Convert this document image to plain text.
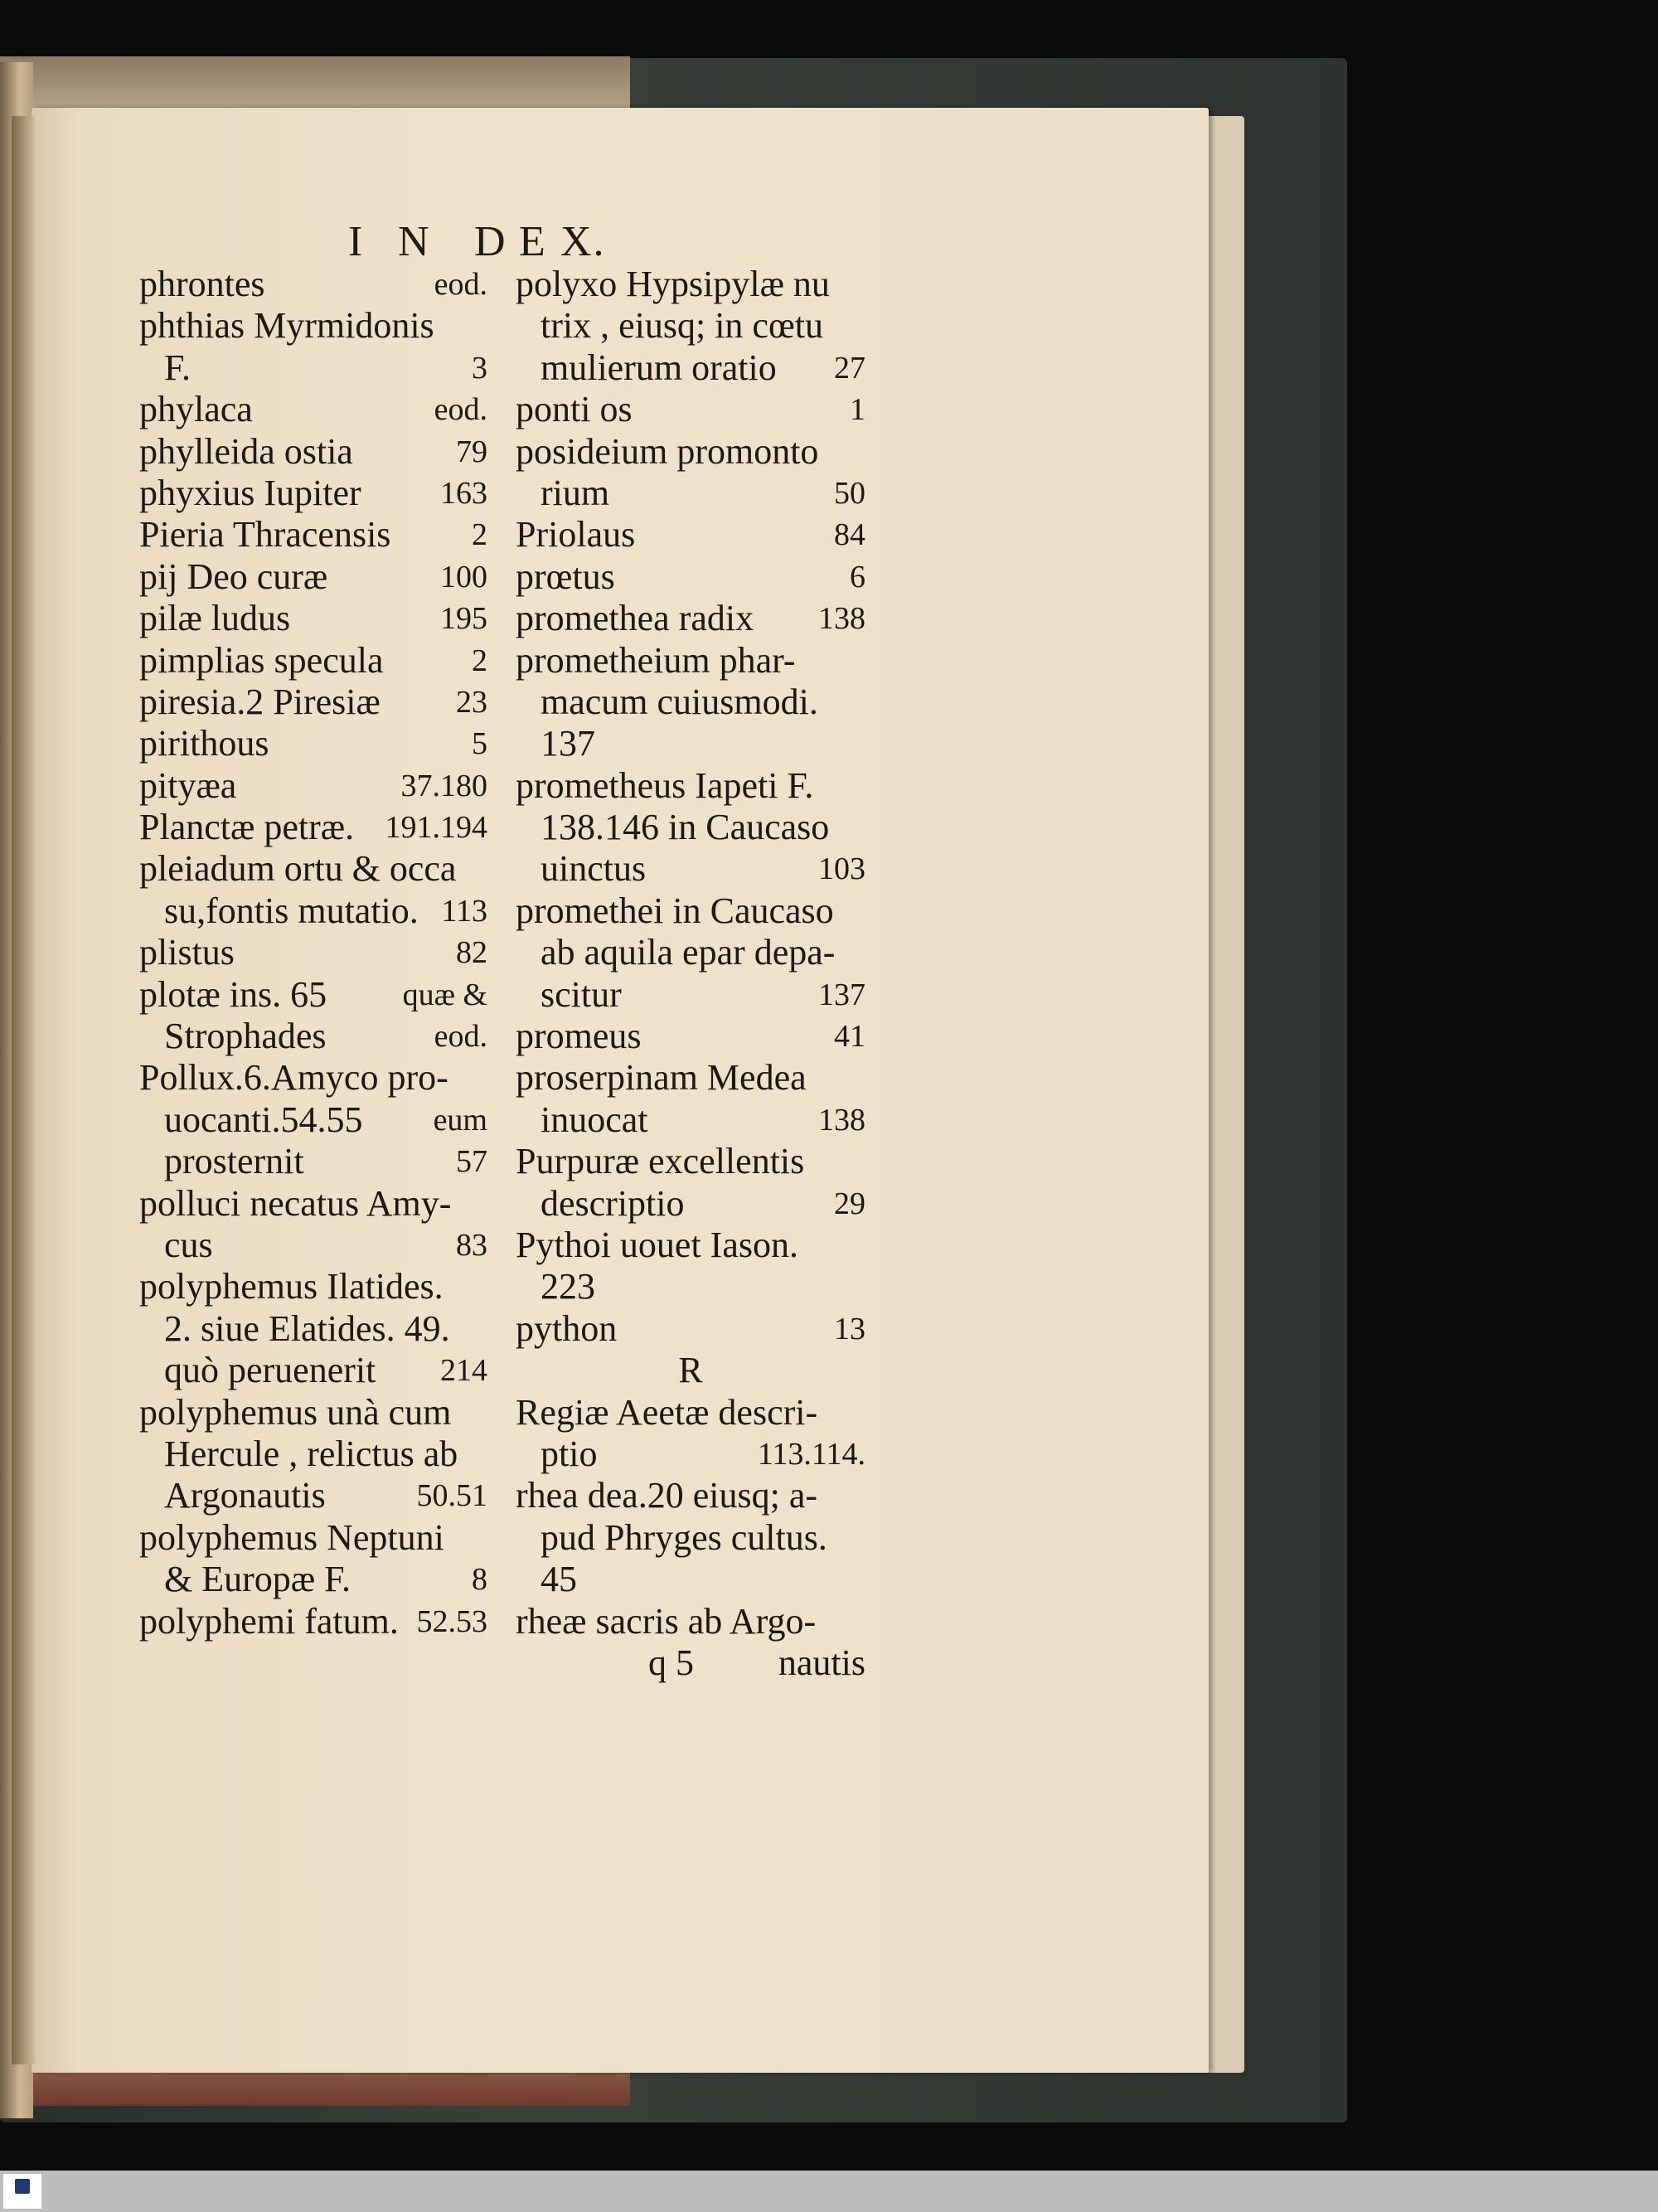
I N D E X.
phrontes	eod.
phthias Myrmidonis
F.	3
phylaca	eod.
phylleida ostia	79
phyxius Iupiter	163
Pieria Thracensis	2
pij Deo curæ	100
pilæ ludus	195
pimplias specula	2
piresia.2 Piresiæ 23
pirithous	5
pityæa	37.180
Planctæ petræ. 191.194
pleiadum ortu & occa
su,fontis mutatio. 113
plistus	82
plotæ ins. 65 quæ &
Strophades	eod.
Pollux.6.Amyco pro-
uocanti.54.55 eum
prosternit	57
polluci necatus Amy-
cus	83
polyphemus Ilatides.
2. siue Elatides. 49.
quò peruenerit 214
polyphemus unà cum
Hercule , relictus ab
Argonautis	50.51
polyphemus Neptuni
& Europæ F.	8
polyphemi fatum. 52.53
polyxo Hypsipylæ nu
trix , eiusq; in cœtu
mulierum oratio 27
ponti os	1
posideium promonto
rium	50
Priolaus	84
prœtus	6
promethea radix 138
prometheium phar-
macum cuiusmodi.
137
prometheus Iapeti F.
138.146 in Caucaso
uinctus	103
promethei in Caucaso
ab aquila epar depa-
scitur	137
promeus	41
proserpinam Medea
inuocat	138
Purpuræ excellentis
descriptio	29
Pythoi uouet Iason.
223
python	13
R
Regiæ Aeetæ descri-
ptio	113.114.
rhea dea.20 eiusq; a-
pud Phryges cultus.
45
rheæ sacris ab Argo-
q 5 nautis
